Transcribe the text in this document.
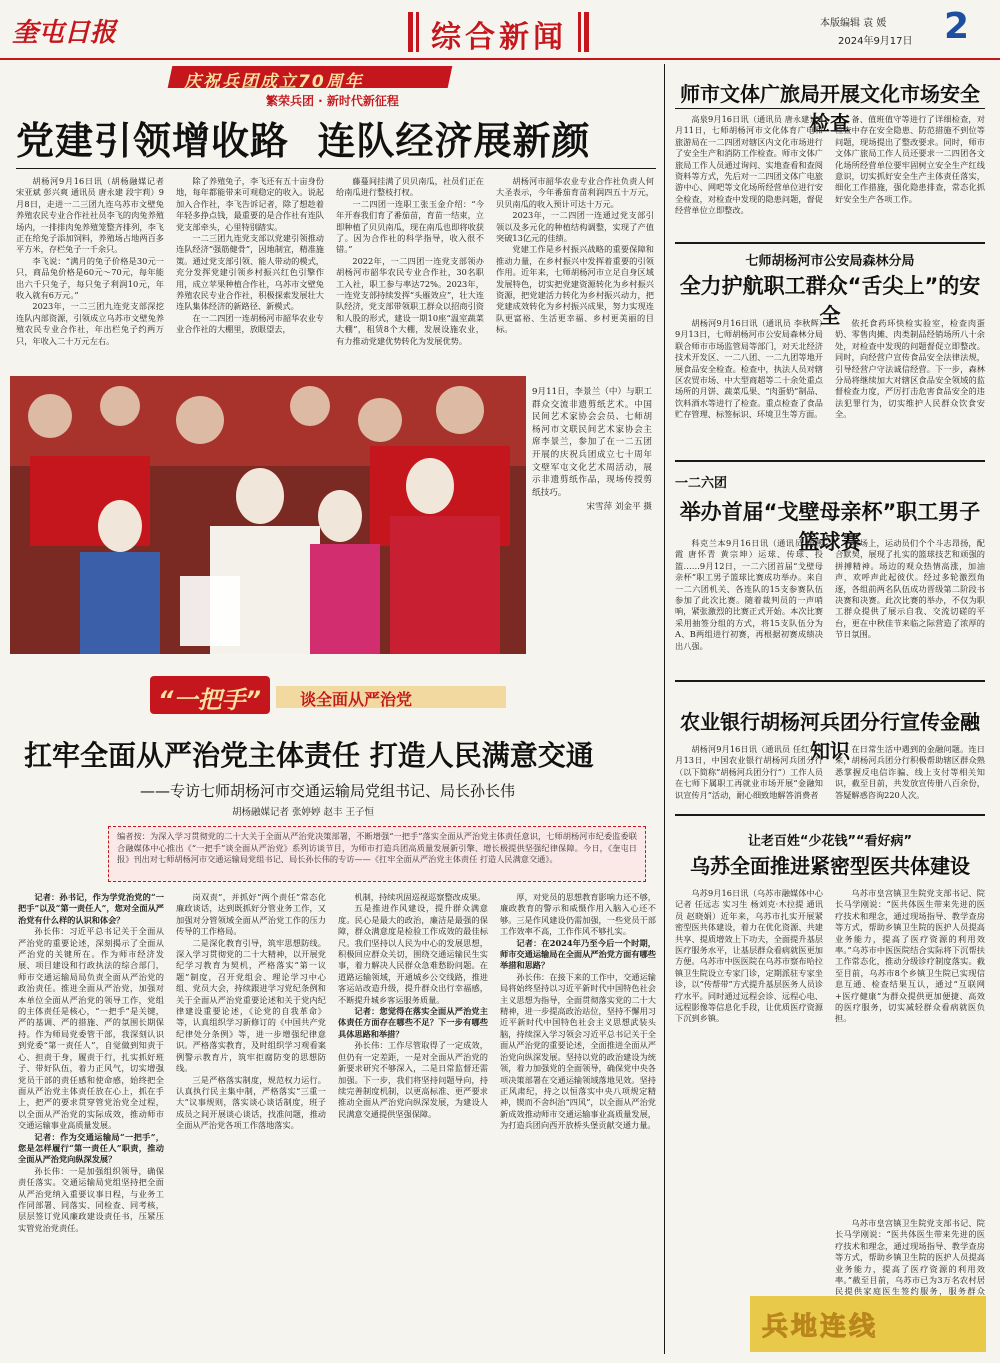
奎屯日报	综合新闻	本版编辑 袁 媛
2024年9月17日 2
庆祝兵团成立70周年
繁荣兵团 · 新时代新征程
党建引领增收路  连队经济展新颜

胡杨河9月16日讯（胡杨融媒记者 宋亚斌 彭兴爽 通讯员 唐永建 段宇莉）9月8日，走进一二三团九连乌苏市文壁兔养殖农民专业合作社社员李飞的肉兔养殖场内，一排排肉兔养殖笼整齐排列，李飞正在给兔子添加饲料，养殖场占地两百多平方米，存栏兔子一千余只。

李飞说：“满月的兔子价格是30元一只，商品兔价格是60元～70元，每年能出六千只兔子，每只兔子利润10元，年收入就有6万元。”

2023年，一二三团九连党支部深挖连队内部资源，引领成立乌苏市文壁兔养殖农民专业合作社，年出栏兔子约两万只，年收入二十万元左右。

除了养殖兔子，李飞还有五十亩身份地，每年都能带来可观稳定的收入。说起加入合作社，李飞告诉记者，除了想趁着年轻多挣点钱，最重要的是合作社有连队党支部牵头，心里特别踏实。

一二三团九连党支部以党建引领推动连队经济“强筋健骨”，因地制宜，精准施策。通过党支部引领、能人带动的模式，充分发挥党建引领乡村振兴红色引擎作用，成立苹果种植合作社，乌苏市文壁兔养殖农民专业合作社，积极探索发展壮大连队集体经济的新路径、新模式。

在一二四团一连胡杨河市韶华农业专业合作社的大棚里，放眼望去，

藤蔓间挂满了贝贝南瓜，社员们正在给南瓜进行整枝打杈。

一二四团一连职工张玉金介绍：“今年开春我们育了番茄苗，育苗一结束，立即种植了贝贝南瓜，现在南瓜也即将收获了。因为合作社的科学指导，收入很不错。”

2022年，一二四团一连党支部领办胡杨河市韶华农民专业合作社，30名职工入社，职工参与率达72%。2023年，一连党支部持续发挥“头雁效应”，壮大连队经济，党支部带领职工群众以招商引资和人股的形式，建设一期10座“温室蔬菜大棚”，租赁8个大棚，发展设施农业，有力推动党建优势转化为发展优势。

胡杨河市韶华农业专业合作社负责人何大圣表示，今年番茄育苗利润四五十万元，贝贝南瓜的收入预计可达十万元。

2023年，一二四团一连通过党支部引领以及多元化的种植结构调整，实现了产值突破13亿元的佳绩。

党建工作是乡村振兴战略的重要保障和推动力量，在乡村振兴中发挥着重要的引领作用。近年来，七师胡杨河市立足自身区域发展特色，切实把党建资源转化为乡村振兴资源，把党建活力转化为乡村振兴动力，把党建成效转化为乡村振兴成果，努力实现连队更富裕、生活更幸福、乡村更美丽的目标。

9月11日，李景兰（中）与职工群众交流非遗剪纸艺术。中国民间艺术家协会会员、七师胡杨河市文联民间艺术家协会主席李景兰，参加了在一二五团开展的庆祝兵团成立七十周年文壁军屯文化艺术周活动，展示非遗剪纸作品，现场传授剪纸技巧。
宋雪萍 刘金平 摄
“一把手” 谈全面从严治党
扛牢全面从严治党主体责任 打造人民满意交通
——专访七师胡杨河市交通运输局党组书记、局长孙长伟
胡杨融媒记者 张婷婷 赵丰 王子恒
编者按：为深入学习贯彻党的二十大关于全面从严治党决策部署，不断增强“一把手”落实全面从严治党主体责任意识，七师胡杨河市纪委监委联合融媒体中心推出《“一把手”谈全面从严治党》系列访谈节目，为师市打造兵团高质量发展新引擎、增长极提供坚强纪律保障。今日，《奎屯日报》刊出对七师胡杨河市交通运输局党组书记、局长孙长伟的专访——《扛牢全面从严治党主体责任 打造人民满意交通》。

记者：孙书记，作为学党治党的“一把手”以及“第一责任人”，您对全面从严治党有什么样的认识和体会？

孙长伟：习近平总书记关于全面从严治党的重要论述，深刻揭示了全面从严治党的关键所在。作为师市经济发展、项目建设和行政执法的综合部门，师市交通运输局局负责全面从严治党的政治责任。推进全面从严治党，加强对本单位全面从严治党的领导工作，党组的主体责任是核心，“一把手”是关键，严的基调、严的措施、严的氛围长期保持。作为师局党委管干部，我深刻认识到党委“第一责任人”，自觉做到知责于心、担责于身，履责于行，扎实抓好班子、带好队伍，着力正风气，切实增强党员干部的责任感和使命感，始终把全面从严治党主体责任放在心上，抓在手上，把严的要求贯穿管党治党全过程，以全面从严治党的实际成效，推动师市交通运输事业高质量发展。

记者：作为交通运输局“一把手”，您是怎样履行“第一责任人”职责，推动全面从严治党向纵深发展？

孙长伟：一是加强组织领导，确保责任落实。交通运输局党组坚持把全面从严治党纳入重要议事日程，与业务工作同部署、同落实、同检查、同考核，层层签订党风廉政建设责任书，压紧压实管党治党责任。

岗双责”，并抓好“两个责任”常态化廉政谈话，达到既抓好分管业务工作，又加强对分管领域全面从严治党工作的压力传导的工作格局。

二是深化教育引导，筑牢思想防线。深入学习贯彻党的二十大精神，以开展党纪学习教育为契机，严格落实“第一议题”制度，召开党组会、理论学习中心组、党员大会，持续跟进学习党纪条例和关于全面从严治党重要论述和关于党内纪律建设重要论述，《论党的自我革命》等，认真组织学习新修订的《中国共产党纪律处分条例》等，进一步增强纪律意识。严格落实教育，及时组织学习观看案例警示教育片，筑牢拒腐防变的思想防线。

三是严格落实制度，规范权力运行。认真执行民主集中制，严格落实“三重一大”议事规则，落实谈心谈话制度，班子成员之间开展谈心谈话，找准问题，推动全面从严治党各项工作落地落实。

机制，持续巩固巡视巡察整改成果。

五是推进作风建设，提升群众满意度。民心是最大的政治，廉洁是最强的保障，群众满意度是检验工作成效的最佳标尺。我们坚持以人民为中心的发展思想，积极回应群众关切，围绕交通运输民生实事，着力解决人民群众急难愁盼问题。在道路运输领域，开通城乡公交线路，推进客运站改造升级，提升群众出行幸福感，不断提升城乡客运服务质量。

记者：您觉得在落实全面从严治党主体责任方面存在哪些不足？下一步有哪些具体思路和举措？

孙长伟：工作尽管取得了一定成效，但仍有一定差距，一是对全面从严治党的新要求研究不够深入，二是日常监督还需加强。下一步，我们将坚持问题导向，持续完善制度机制，以更高标准、更严要求推动全面从严治党向纵深发展，为建设人民满意交通提供坚强保障。

厚，对党员的思想教育影响力还不够，廉政教育的警示和威慑作用入脑入心还不够。三是作风建设仍需加强，一些党员干部工作效率不高，工作作风不够扎实。

记者：在2024年乃至今后一个时期，师市交通运输局在全面从严治党方面有哪些举措和思路？

孙长伟：在接下来的工作中，交通运输局将始终坚持以习近平新时代中国特色社会主义思想为指导，全面贯彻落实党的二十大精神，进一步提高政治站位，坚持不懈用习近平新时代中国特色社会主义思想武装头脑，持续深入学习领会习近平总书记关于全面从严治党的重要论述，全面推进全面从严治党向纵深发展。坚持以党的政治建设为统领，着力加强党的全面领导，确保党中央各项决策部署在交通运输领域落地见效。坚持正风肃纪，持之以恒落实中央八项规定精神，锲而不舍纠治“四风”，以全面从严治党新成效推动师市交通运输事业高质量发展，为打造兵团向西开放桥头堡贡献交通力量。

师市文体广旅局开展文化市场安全检查

高泉9月16日讯（通讯员 唐永建）9月11日，七师胡杨河市文化体育广电和旅游局在一二四团对辖区内文化市场进行了安全生产和消防工作检查。师市文体广旅局工作人员通过询问、实地查看和查阅资料等方式，先后对一二四团文体广电旅游中心、网吧等文化场所经营单位进行安全检查，对检查中发现的隐患问题，督促经营单位立即整改。

备、值班值守等进行了详细检查，对检查中存在安全隐患、防范措施不到位等问题，现场提出了整改要求。同时，师市文体广旅局工作人员还要求一二四团各文化场所经营单位要牢固树立安全生产红线意识，切实抓好安全生产主体责任落实，细化工作措施，强化隐患排查，常态化抓好安全生产各项工作。

七师胡杨河市公安局森林分局
全力护航职工群众“舌尖上”的安全

胡杨河9月16日讯（通讯员 李秋辉）9月13日，七师胡杨河市公安局森林分局联合师市市场监管局等部门，对天北经济技术开发区、一二八团、一二九团等地开展食品安全检查。检查中，执法人员对辖区农贸市场、中大型商超等二十余处重点场所的月饼、蔬菜瓜果、“肉蛋奶”制品、饮料酒水等进行了检查。重点检查了食品贮存管理、标签标识、环境卫生等方面。

依托食药环快检实验室，检查肉蛋奶、零售肉摊、肉类制品经销场所八十余处，对检查中发现的问题督促立即整改。同时，向经营户宣传食品安全法律法规，引导经营户守法诚信经营。下一步，森林分局将继续加大对辖区食品安全领域的监督检查力度，严厉打击危害食品安全的违法犯罪行为，切实维护人民群众饮食安全。

一二六团
举办首届“戈壁母亲杯”职工男子篮球赛

科克兰本9月16日讯（通讯员 杨燕霞 唐怀青 黄宗坤）运球、传球、投篮……9月12日，一二六团首届“戈壁母亲杯”职工男子篮球比赛成功举办。来自一二六团机关、各连队的15支参赛队伍参加了此次比赛。随着裁判员的一声哨响，紧张激烈的比赛正式开始。本次比赛采用抽签分组的方式，将15支队伍分为A、B两组进行初赛，再根据初赛成绩决出八强。

赛场上，运动员们个个斗志昂扬，配合默契，展现了扎实的篮球技艺和顽强的拼搏精神。场边的观众热情高涨，加油声、欢呼声此起彼伏。经过多轮激烈角逐，各组前两名队伍成功晋级第二阶段书决赛和决赛。此次比赛的举办，不仅为职工群众提供了展示自我、交流切磋的平台，更在中秋佳节来临之际营造了浓厚的节日氛围。

农业银行胡杨河兵团分行宣传金融知识

胡杨河9月16日讯（通讯员 任红）9月13日，中国农业银行胡杨河兵团分行（以下简称“胡杨河兵团分行”）工作人员在七师下属职工再就业市场开展“金融知识宣传月”活动，耐心细致地解答消费者

在日常生活中遇到的金融问题。连日来，胡杨河兵团分行积极帮助辖区群众熟悉掌握反电信诈骗、线上支付等相关知识，截至目前，共发放宣传册八百余份，答疑解惑咨询220人次。

让老百姓“少花钱”“看好病”
乌苏全面推进紧密型医共体建设

乌苏9月16日讯（乌苏市融媒体中心记者 任远志 实习生 杨刘克·木拉提 通讯员 赵晓娟）近年来，乌苏市扎实开展紧密型医共体建设，着力在优化资源、共建共享、提质增效上下功夫，全面提升基层医疗服务水平，让基层群众看病就医更加方便。乌苏市中医医院在乌苏市察布哈拉镇卫生院设立专家门诊，定期派驻专家坐诊，以“传帮带”方式提升基层医务人员诊疗水平。同时通过远程会诊、远程心电、远程影像等信息化手段，让优质医疗资源下沉到乡镇。

乌苏市皇宫镇卫生院党支部书记、院长马学刚说：“医共体医生带来先进的医疗技术和理念，通过现场指导、教学查房等方式，帮助乡镇卫生院的医护人员提高业务能力，提高了医疗资源的利用效率。”乌苏市中医医院结合实际将下沉帮扶工作常态化，推动分级诊疗制度落实。截至目前，乌苏市8个乡镇卫生院已实现信息互通、检查结果互认，通过“互联网+医疗健康”为群众提供更加便捷、高效的医疗服务，切实减轻群众看病就医负担。

乌苏市皇宫镇卫生院党支部书记、院长马学刚说：“医共体医生带来先进的医疗技术和理念，通过现场指导、教学查房等方式，帮助乡镇卫生院的医护人员提高业务能力，提高了医疗资源的利用效率。”截至目前，乌苏市已为3万名农村居民提供家庭医生签约服务，服务群众

兵地连线
